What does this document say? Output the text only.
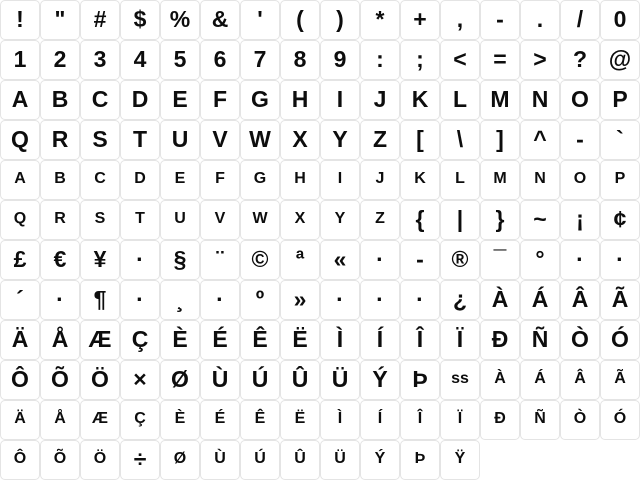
! " # $ % & ' ( ) * + , - . / 0
1 2 3 4 5 6 7 8 9 : ; < = > ? @
A B C D E F G H I J K L M N O P
Q R S T U V W X Y Z [ \ ] ^ - `
A B C D E F G H I J K L M N O P
Q R S T U V W X Y Z { | } ~ ¡ ¢
£ € ¥ · § ¨ © ª « · - ® ¯ ° · ·
´ · ¶ · ¸ · º » · · · ¿ À Á Â Ã
Ä Å Æ Ç È É Ê Ë Ì Í Î Ï Ð Ñ Ò Ó
Ô Õ Ö × Ø Ù Ú Û Ü Ý Þ ss À Á Â Ã
Ä Å Æ Ç È É Ê Ë Ì Í Î Ï Ð Ñ Ò Ó
Ô Õ Ö ÷ Ø Ù Ú Û Ü Ý Þ Ÿ
